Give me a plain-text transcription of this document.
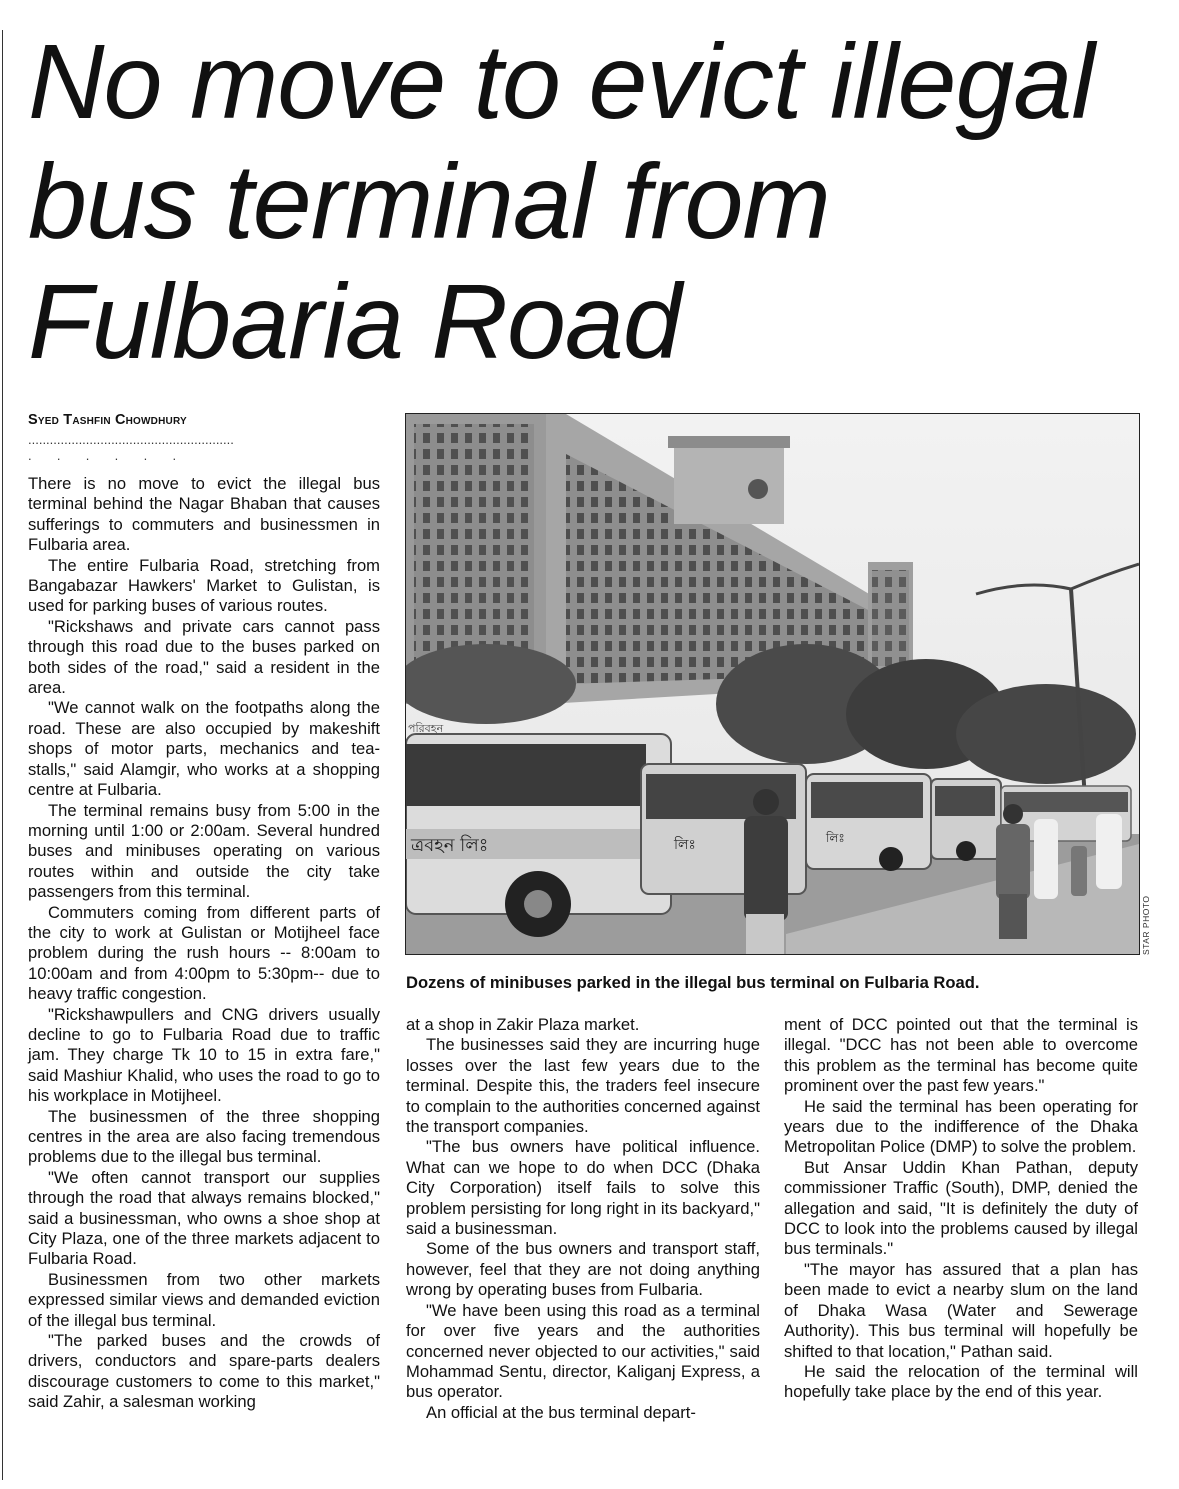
No move to evict illegal
bus terminal from
Fulbaria Road
Syed Tashfin Chowdhury
.........................................................
.       .       .       .       .       .

There is no move to evict the illegal bus terminal behind the Nagar Bhaban that causes sufferings to commuters and businessmen in Fulbaria area.

The entire Fulbaria Road, stretching from Bangabazar Hawkers' Market to Gulistan, is used for parking buses of various routes.

"Rickshaws and private cars cannot pass through this road due to the buses parked on both sides of the road," said a resident in the area.

"We cannot walk on the footpaths along the road. These are also occupied by makeshift shops of motor parts, mechanics and tea-stalls," said Alamgir, who works at a shopping centre at Fulbaria.

The terminal remains busy from 5:00 in the morning until 1:00 or 2:00am. Several hundred buses and minibuses operating on various routes within and outside the city take passengers from this terminal.

Commuters coming from different parts of the city to work at Gulistan or Motijheel face problem during the rush hours -- 8:00am to 10:00am and from 4:00pm to 5:30pm-- due to heavy traffic congestion.

"Rickshawpullers and CNG drivers usually decline to go to Fulbaria Road due to traffic jam. They charge Tk 10 to 15 in extra fare," said Mashiur Khalid, who uses the road to go to his workplace in Motijheel.

The businessmen of the three shopping centres in the area are also facing tremendous problems due to the illegal bus terminal.

"We often cannot transport our supplies through the road that always remains blocked," said a businessman, who owns a shoe shop at City Plaza, one of the three markets adjacent to Fulbaria Road.

Businessmen from two other markets expressed similar views and demanded eviction of the illegal bus terminal.

"The parked buses and the crowds of drivers, conductors and spare-parts dealers discourage customers to come to this market," said Zahir, a salesman working

ত্রবহন লিঃ
পরিবহন
লিঃ	লিঃ
STAR PHOTO
Dozens of minibuses parked in the illegal bus terminal on Fulbaria Road.

at a shop in Zakir Plaza market.

The businesses said they are incurring huge losses over the last few years due to the terminal. Despite this, the traders feel insecure to complain to the authorities concerned against the transport companies.

"The bus owners have political influence. What can we hope to do when DCC (Dhaka City Corporation) itself fails to solve this problem persisting for long right in its backyard," said a businessman.

Some of the bus owners and transport staff, however, feel that they are not doing anything wrong by operating buses from Fulbaria.

"We have been using this road as a terminal for over five years and the authorities concerned never objected to our activities," said Mohammad Sentu, director, Kaliganj Express, a bus operator.

An official at the bus terminal depart-

ment of DCC pointed out that the terminal is illegal. "DCC has not been able to overcome this problem as the terminal has become quite prominent over the past few years."

He said the terminal has been operating for years due to the indifference of the Dhaka Metropolitan Police (DMP) to solve the problem.

But Ansar Uddin Khan Pathan, deputy commissioner Traffic (South), DMP, denied the allegation and said, "It is definitely the duty of DCC to look into the problems caused by illegal bus terminals."

"The mayor has assured that a plan has been made to evict a nearby slum on the land of Dhaka Wasa (Water and Sewerage Authority). This bus terminal will hopefully be shifted to that location," Pathan said.

He said the relocation of the terminal will hopefully take place by the end of this year.
